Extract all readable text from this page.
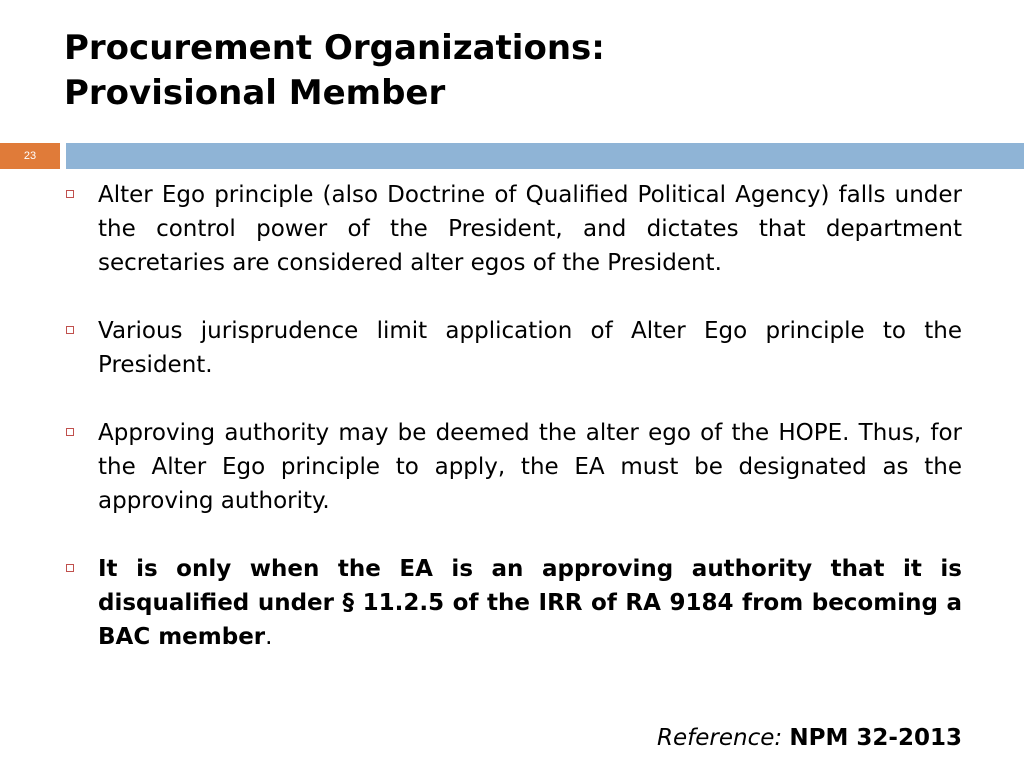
Procurement Organizations:
Provisional Member
23
Alter Ego principle (also Doctrine of Qualified Political Agency) falls under the control power of the President, and dictates that department secretaries are considered alter egos of the President.
Various jurisprudence limit application of Alter Ego principle to the President.
Approving authority may be deemed the alter ego of the HOPE. Thus, for the Alter Ego principle to apply, the EA must be designated as the approving authority.
It is only when the EA is an approving authority that it is disqualified under § 11.2.5 of the IRR of RA 9184 from becoming a BAC member.
Reference: NPM 32-2013
